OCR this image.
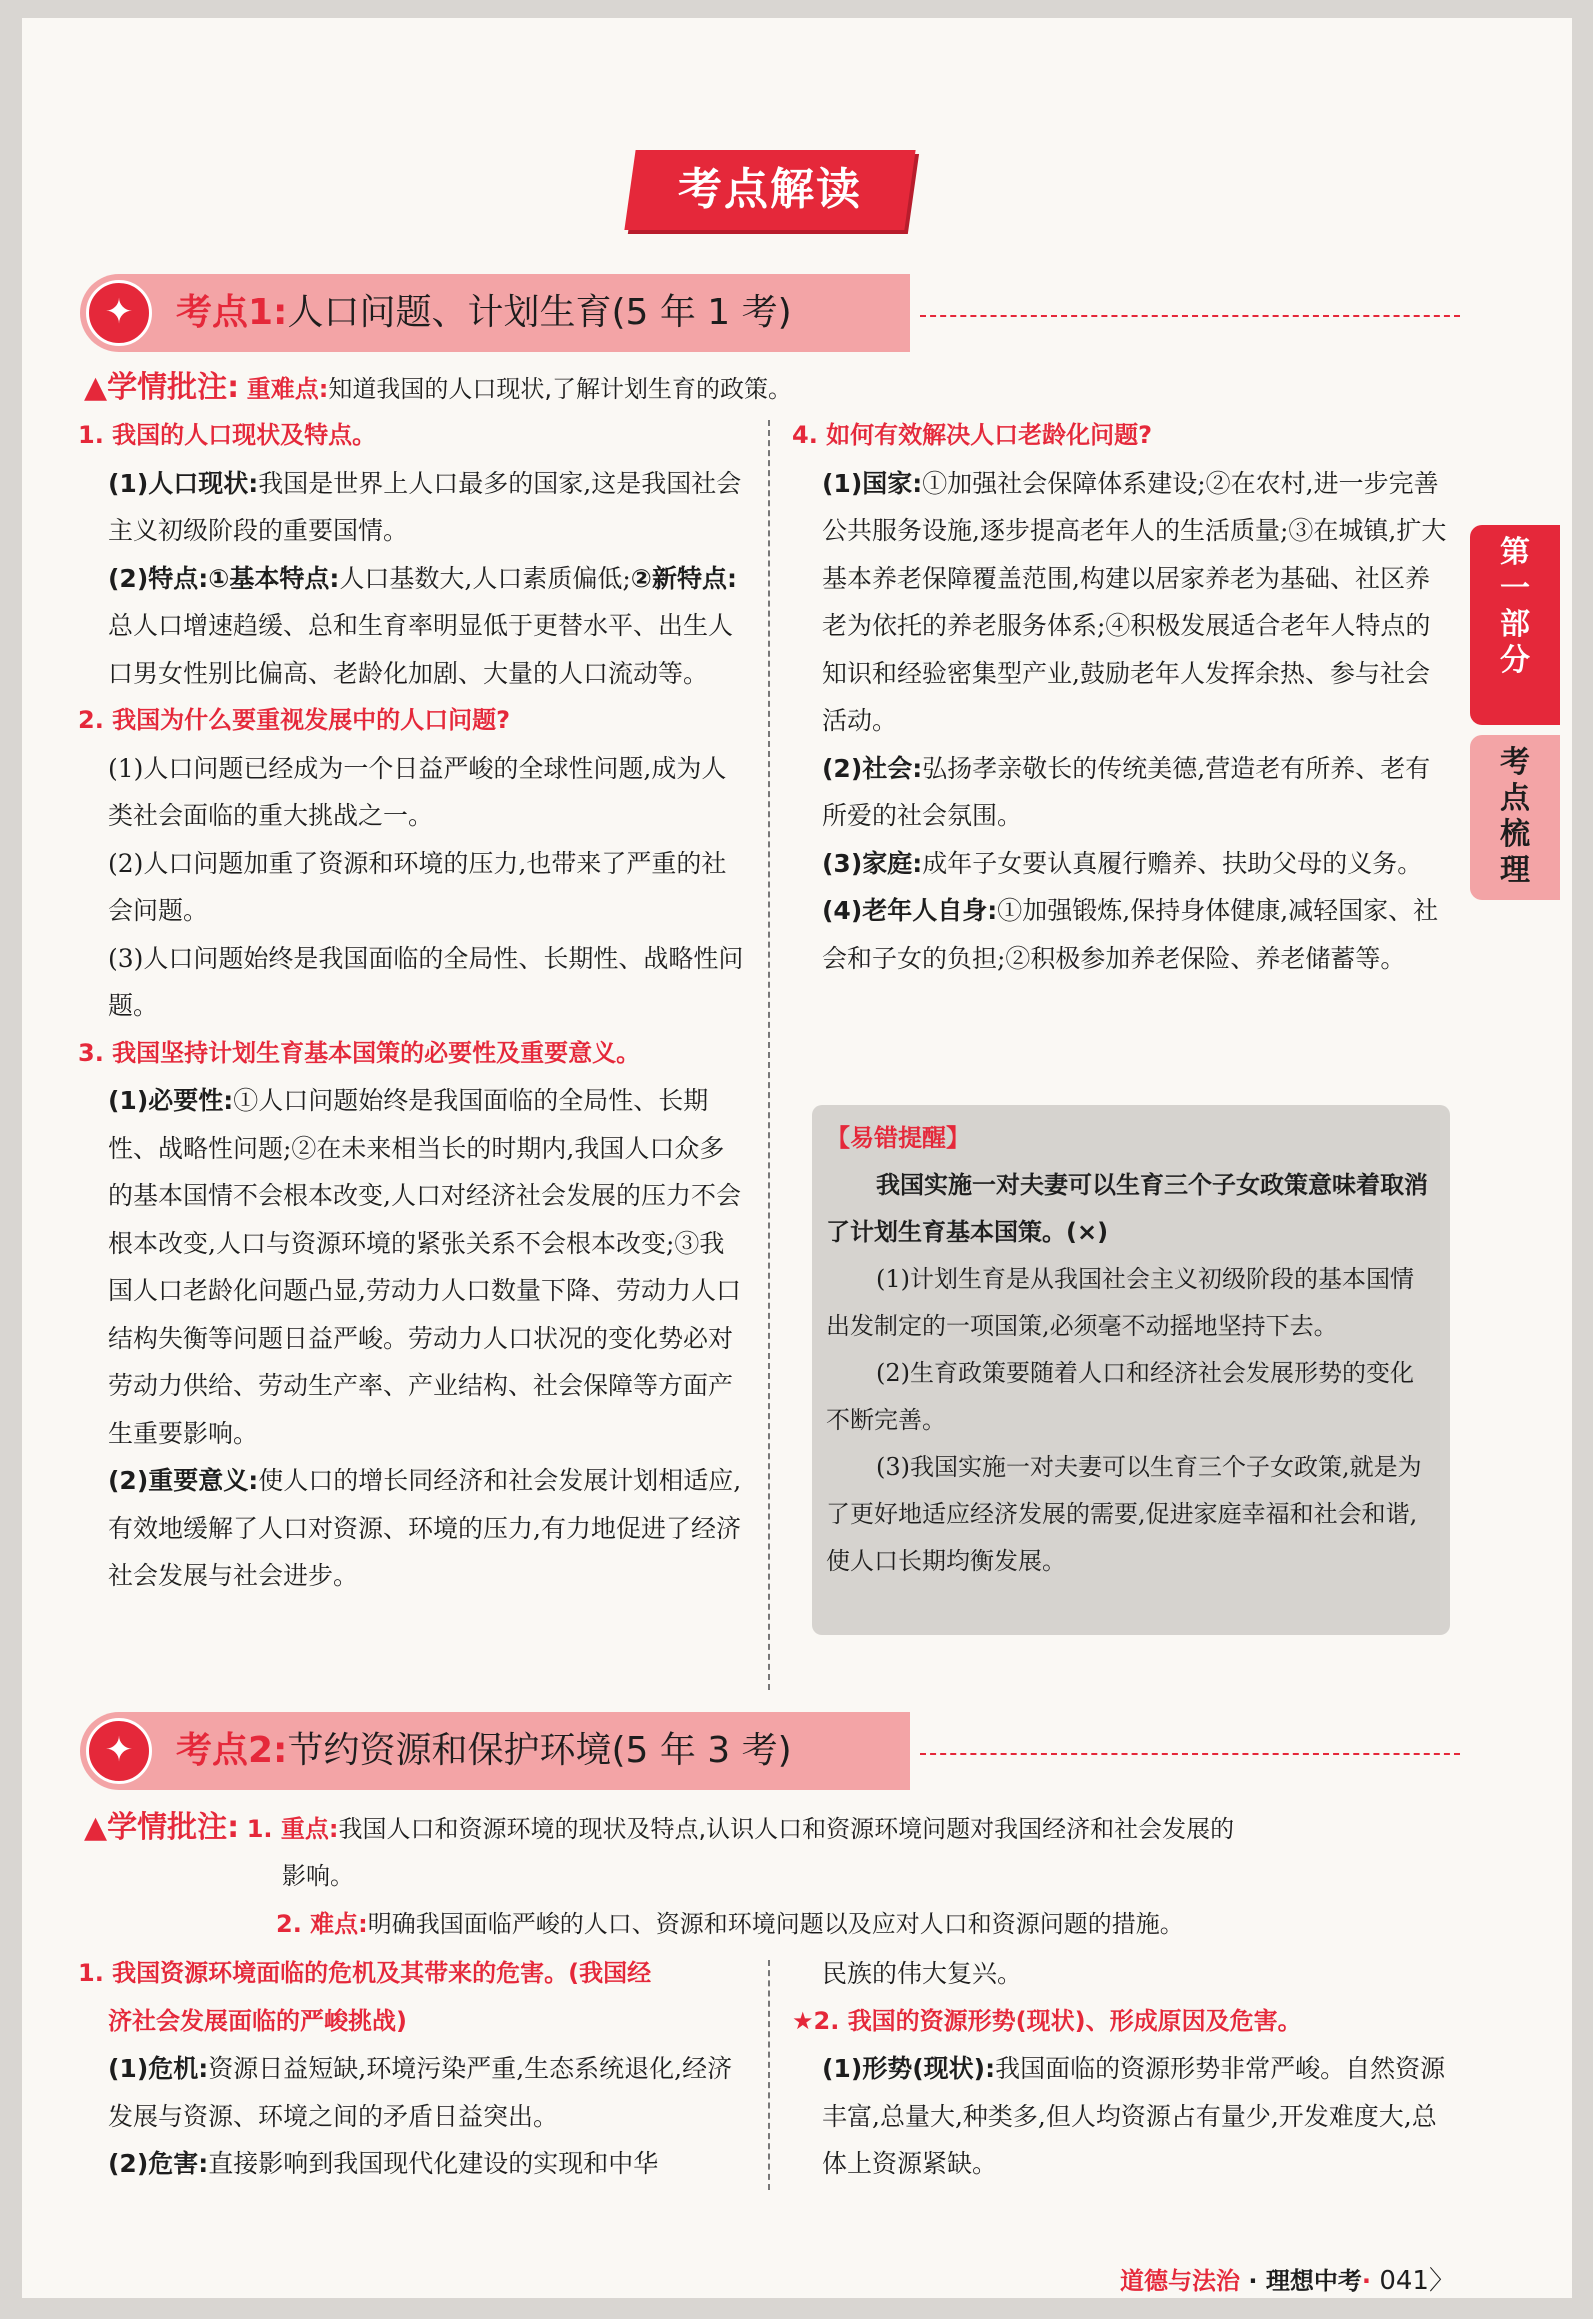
考点解读
第一部分
考点梳理
✦	考点1:人口问题、计划生育(5 年 1 考)
▲学情批注: 重难点:知道我国的人口现状,了解计划生育的政策。

1. 我国的人口现状及特点。

(1)人口现状:我国是世界上人口最多的国家,这是我国社会主义初级阶段的重要国情。

(2)特点:①基本特点:人口基数大,人口素质偏低;②新特点:总人口增速趋缓、总和生育率明显低于更替水平、出生人口男女性别比偏高、老龄化加剧、大量的人口流动等。

2. 我国为什么要重视发展中的人口问题?

(1)人口问题已经成为一个日益严峻的全球性问题,成为人类社会面临的重大挑战之一。

(2)人口问题加重了资源和环境的压力,也带来了严重的社会问题。

(3)人口问题始终是我国面临的全局性、长期性、战略性问题。

3. 我国坚持计划生育基本国策的必要性及重要意义。

(1)必要性:①人口问题始终是我国面临的全局性、长期性、战略性问题;②在未来相当长的时期内,我国人口众多的基本国情不会根本改变,人口对经济社会发展的压力不会根本改变,人口与资源环境的紧张关系不会根本改变;③我国人口老龄化问题凸显,劳动力人口数量下降、劳动力人口结构失衡等问题日益严峻。劳动力人口状况的变化势必对劳动力供给、劳动生产率、产业结构、社会保障等方面产生重要影响。

(2)重要意义:使人口的增长同经济和社会发展计划相适应,有效地缓解了人口对资源、环境的压力,有力地促进了经济社会发展与社会进步。

4. 如何有效解决人口老龄化问题?

(1)国家:①加强社会保障体系建设;②在农村,进一步完善公共服务设施,逐步提高老年人的生活质量;③在城镇,扩大基本养老保障覆盖范围,构建以居家养老为基础、社区养老为依托的养老服务体系;④积极发展适合老年人特点的知识和经验密集型产业,鼓励老年人发挥余热、参与社会活动。

(2)社会:弘扬孝亲敬长的传统美德,营造老有所养、老有所爱的社会氛围。

(3)家庭:成年子女要认真履行赡养、扶助父母的义务。

(4)老年人自身:①加强锻炼,保持身体健康,减轻国家、社会和子女的负担;②积极参加养老保险、养老储蓄等。

【易错提醒】

我国实施一对夫妻可以生育三个子女政策意味着取消了计划生育基本国策。(×)

(1)计划生育是从我国社会主义初级阶段的基本国情出发制定的一项国策,必须毫不动摇地坚持下去。

(2)生育政策要随着人口和经济社会发展形势的变化不断完善。

(3)我国实施一对夫妻可以生育三个子女政策,就是为了更好地适应经济发展的需要,促进家庭幸福和社会和谐,使人口长期均衡发展。

✦	考点2:节约资源和保护环境(5 年 3 考)
▲学情批注: 1. 重点:我国人口和资源环境的现状及特点,认识人口和资源环境问题对我国经济和社会发展的
影响。
2. 难点:明确我国面临严峻的人口、资源和环境问题以及应对人口和资源问题的措施。

1. 我国资源环境面临的危机及其带来的危害。(我国经

济社会发展面临的严峻挑战)

(1)危机:资源日益短缺,环境污染严重,生态系统退化,经济发展与资源、环境之间的矛盾日益突出。

(2)危害:直接影响到我国现代化建设的实现和中华

民族的伟大复兴。

★2. 我国的资源形势(现状)、形成原因及危害。

(1)形势(现状):我国面临的资源形势非常严峻。自然资源丰富,总量大,种类多,但人均资源占有量少,开发难度大,总体上资源紧缺。

道德与法治 · 理想中考· 041〉
